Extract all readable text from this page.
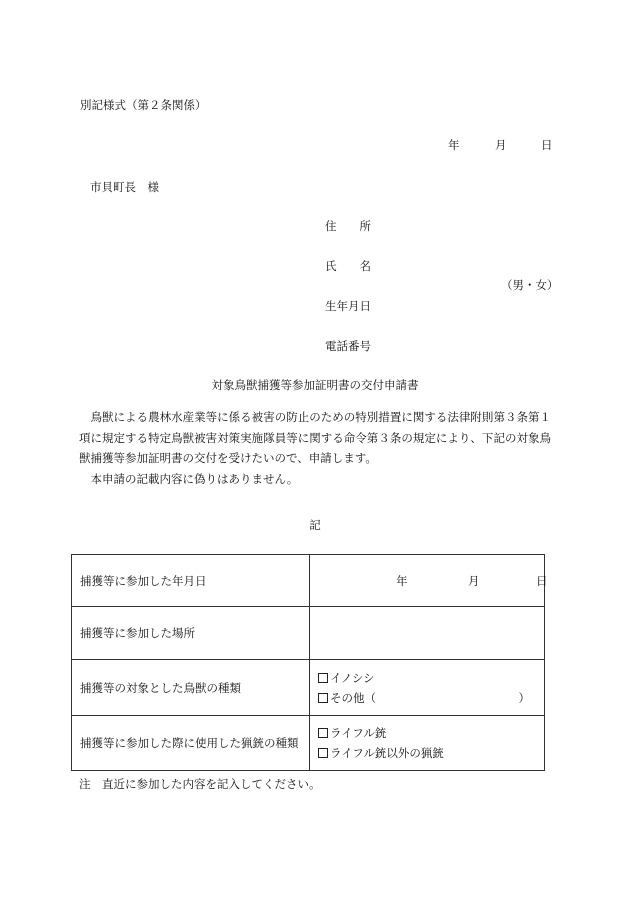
別記様式（第２条関係）
年	月	日
市貝町長　様
住　　所
氏　　名
（男・女）
生年月日
電話番号
対象鳥獣捕獲等参加証明書の交付申請書

鳥獣による農林水産業等に係る被害の防止のための特別措置に関する法律附則第３条第１項に規定する特定鳥獣被害対策実施隊員等に関する命令第３条の規定により、下記の対象鳥獣捕獲等参加証明書の交付を受けたいので、申請します。

本申請の記載内容に偽りはありません。

記
捕獲等に参加した年月日	年 月 日

捕獲等に参加した場所	
捕獲等の対象とした鳥獣の種類	イノシシ
その他（ ）

捕獲等に参加した際に使用した猟銃の種類	ライフル銃
ライフル銃以外の猟銃
注　直近に参加した内容を記入してください。
